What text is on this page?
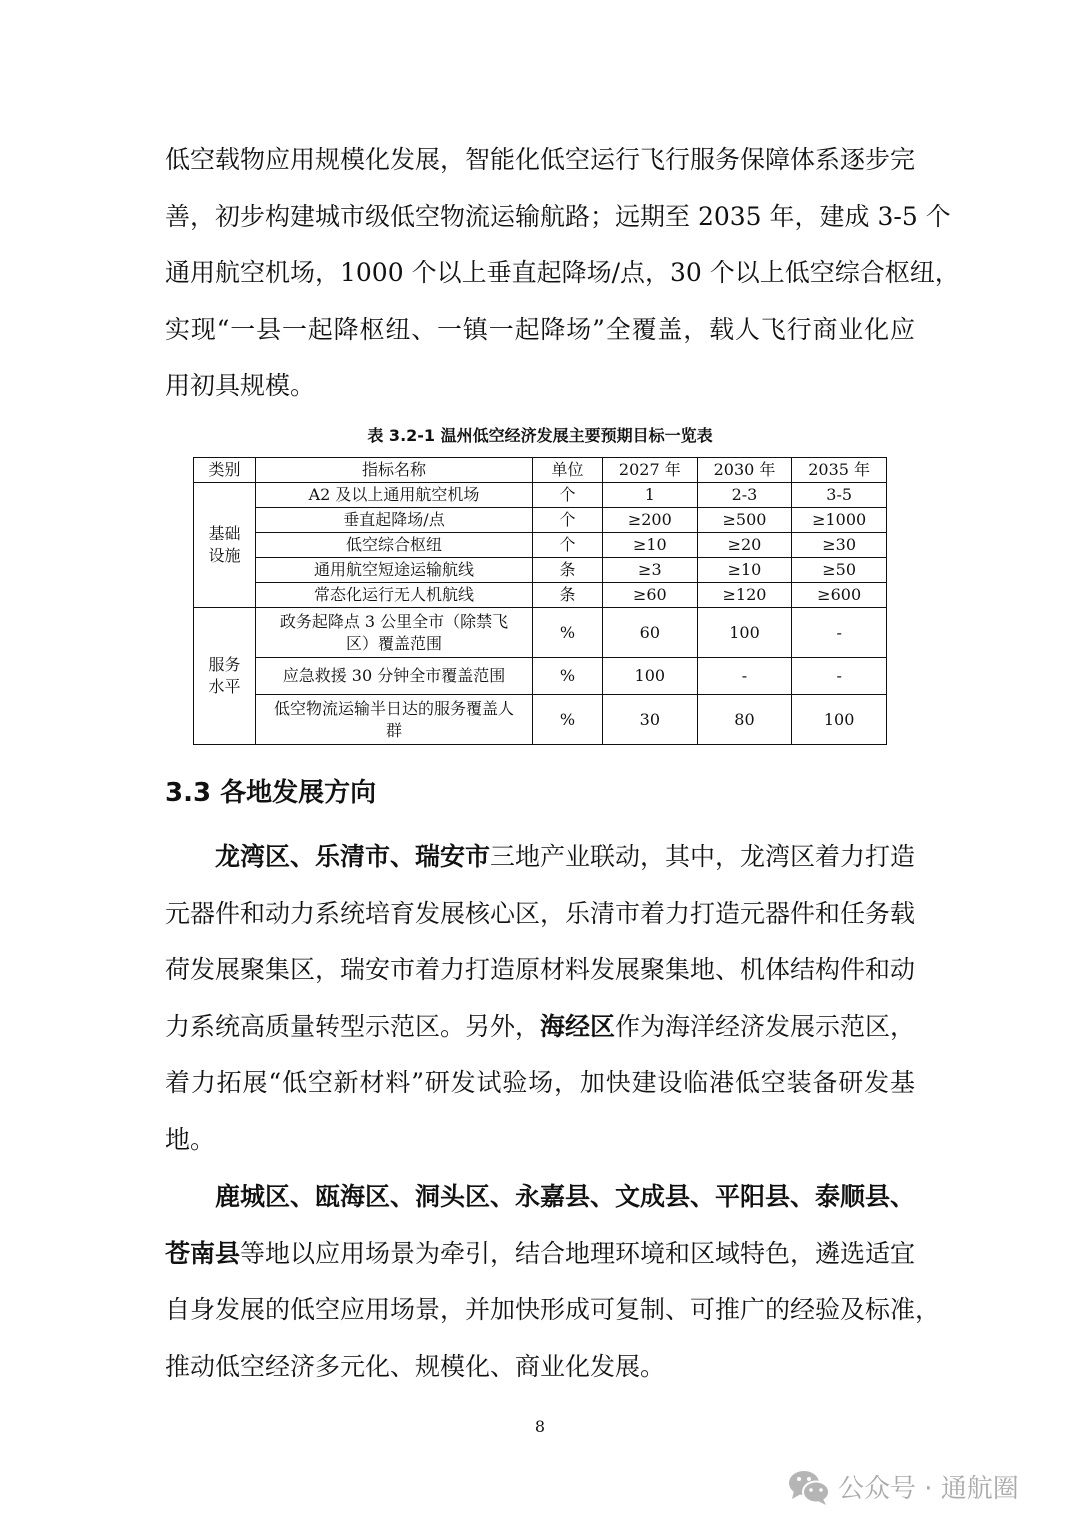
低空载物应用规模化发展，智能化低空运行飞行服务保障体系逐步完
善，初步构建城市级低空物流运输航路；远期至 2035 年，建成 3-5 个
通用航空机场，1000 个以上垂直起降场/点，30 个以上低空综合枢纽，
实现“一县一起降枢纽、一镇一起降场”全覆盖，载人飞行商业化应
用初具规模。
表 3.2-1 温州低空经济发展主要预期目标一览表
类别	指标名称	单位	2027 年	2030 年	2035 年
基础设施	A2 及以上通用航空机场	个	1	2-3	3-5
	垂直起降场/点	个	≥200	≥500	≥1000
	低空综合枢纽	个	≥10	≥20	≥30
	通用航空短途运输航线	条	≥3	≥10	≥50
	常态化运行无人机航线	条	≥60	≥120	≥600
服务水平	政务起降点 3 公里全市（除禁飞区）覆盖范围	%	60	100	-
	应急救援 30 分钟全市覆盖范围	%	100	-	-
	低空物流运输半日达的服务覆盖人群	%	30	80	100
3.3 各地发展方向
龙湾区、乐清市、瑞安市三地产业联动，其中，龙湾区着力打造
元器件和动力系统培育发展核心区，乐清市着力打造元器件和任务载
荷发展聚集区，瑞安市着力打造原材料发展聚集地、机体结构件和动
力系统高质量转型示范区。另外，海经区作为海洋经济发展示范区，
着力拓展“低空新材料”研发试验场，加快建设临港低空装备研发基
地。
鹿城区、瓯海区、洞头区、永嘉县、文成县、平阳县、泰顺县、
苍南县等地以应用场景为牵引，结合地理环境和区域特色，遴选适宜
自身发展的低空应用场景，并加快形成可复制、可推广的经验及标准，
推动低空经济多元化、规模化、商业化发展。
8
公众号 · 通航圈
